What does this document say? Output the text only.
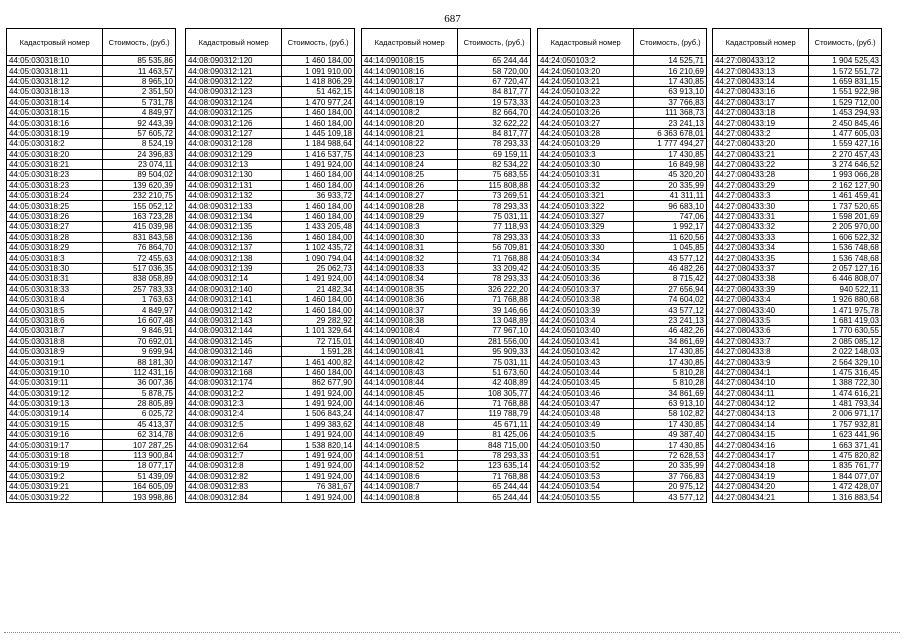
687
Кадастровый номер	Стоимость, (руб.)
44:05:030318:10	85 535,86
44:05:030318:11	11 463,57
44:05:030318:12	8 965,10
44:05:030318:13	2 351,50
44:05:030318:14	5 731,78
44:05:030318:15	4 849,97
44:05:030318:16	92 443,39
44:05:030318:19	57 605,72
44:05:030318:2	8 524,19
44:05:030318:20	24 396,83
44:05:030318:21	23 074,11
44:05:030318:23	89 504,02
44:05:030318:23	139 620,39
44:05:030318:24	232 210,75
44:05:030318:25	155 052,12
44:05:030318:26	163 723,28
44:05:030318:27	415 039,98
44:05:030318:28	831 843,58
44:05:030318:29	76 864,70
44:05:030318:3	72 455,63
44:05:030318:30	517 036,35
44:05:030318:31	838 058,89
44:05:030318:33	257 783,33
44:05:030318:4	1 763,63
44:05:030318:5	4 849,97
44:05:030318:6	16 607,48
44:05:030318:7	9 846,91
44:05:030318:8	70 692,01
44:05:030318:9	9 699,94
44:05:030319:1	88 181,30
44:05:030319:10	112 431,16
44:05:030319:11	36 007,36
44:05:030319:12	5 878,75
44:05:030319:13	28 805,89
44:05:030319:14	6 025,72
44:05:030319:15	45 413,37
44:05:030319:16	62 314,78
44:05:030319:17	107 287,25
44:05:030319:18	113 900,84
44:05:030319:19	18 077,17
44:05:030319:2	51 439,09
44:05:030319:21	164 605,09
44:05:030319:22	193 998,86
Кадастровый номер	Стоимость, (руб.)
44:08:090312:120	1 460 184,00
44:08:090312:121	1 091 910,00
44:08:090312:122	1 418 806,29
44:08:090312:123	51 462,15
44:08:090312:124	1 470 977,24
44:08:090312:125	1 460 184,00
44:08:090312:126	1 460 184,00
44:08:090312:127	1 445 109,18
44:08:090312:128	1 184 988,64
44:08:090312:129	1 416 537,75
44:08:090312:13	1 491 924,00
44:08:090312:130	1 460 184,00
44:08:090312:131	1 460 184,00
44:08:090312:132	36 933,72
44:08:090312:133	1 460 184,00
44:08:090312:134	1 460 184,00
44:08:090312:135	1 433 205,48
44:08:090312:136	1 460 184,00
44:08:090312:137	1 102 435,72
44:08:090312:138	1 090 794,04
44:08:090312:139	25 062,73
44:08:090312:14	1 491 924,00
44:08:090312:140	21 482,34
44:08:090312:141	1 460 184,00
44:08:090312:142	1 460 184,00
44:08:090312:143	29 282,92
44:08:090312:144	1 101 329,64
44:08:090312:145	72 715,01
44:08:090312:146	1 591,28
44:08:090312:147	1 461 400,82
44:08:090312:168	1 460 184,00
44:08:090312:174	862 677,90
44:08:090312:2	1 491 924,00
44:08:090312:3	1 491 924,00
44:08:090312:4	1 506 843,24
44:08:090312:5	1 499 383,62
44:08:090312:6	1 491 924,00
44:08:090312:64	1 538 820,14
44:08:090312:7	1 491 924,00
44:08:090312:8	1 491 924,00
44:08:090312:82	1 491 924,00
44:08:090312:83	76 381,67
44:08:090312:84	1 491 924,00
Кадастровый номер	Стоимость, (руб.)
44:14:090108:15	65 244,44
44:14:090108:16	58 720,00
44:14:090108:17	67 720,47
44:14:090108:18	84 817,77
44:14:090108:19	19 573,33
44:14:090108:2	82 664,70
44:14:090108:20	32 622,22
44:14:090108:21	84 817,77
44:14:090108:22	78 293,33
44:14:090108:23	69 159,11
44:14:090108:24	82 534,22
44:14:090108:25	75 683,55
44:14:090108:26	115 808,88
44:14:090108:27	73 269,51
44:14:090108:28	78 293,33
44:14:090108:29	75 031,11
44:14:090108:3	77 118,93
44:14:090108:30	78 293,33
44:14:090108:31	56 709,81
44:14:090108:32	71 768,88
44:14:090108:33	33 209,42
44:14:090108:34	78 293,33
44:14:090108:35	326 222,20
44:14:090108:36	71 768,88
44:14:090108:37	39 146,66
44:14:090108:38	13 048,89
44:14:090108:4	77 967,10
44:14:090108:40	281 556,00
44:14:090108:41	95 909,33
44:14:090108:42	75 031,11
44:14:090108:43	51 673,60
44:14:090108:44	42 408,89
44:14:090108:45	108 305,77
44:14:090108:46	71 768,88
44:14:090108:47	119 788,79
44:14:090108:48	45 671,11
44:14:090108:49	81 425,06
44:14:090108:5	848 715,00
44:14:090108:51	78 293,33
44:14:090108:52	123 635,14
44:14:090108:6	71 768,88
44:14:090108:7	65 244,44
44:14:090108:8	65 244,44
Кадастровый номер	Стоимость, (руб.)
44:24:050103:2	14 525,71
44:24:050103:20	16 210,69
44:24:050103:21	17 430,85
44:24:050103:22	63 913,10
44:24:050103:23	37 766,83
44:24:050103:26	111 368,73
44:24:050103:27	23 241,13
44:24:050103:28	6 363 678,01
44:24:050103:29	1 777 494,27
44:24:050103:3	17 430,85
44:24:050103:30	16 849,98
44:24:050103:31	45 320,20
44:24:050103:32	20 335,99
44:24:050103:321	41 311,11
44:24:050103:322	96 683,10
44:24:050103:327	747,06
44:24:050103:329	1 992,17
44:24:050103:33	11 620,56
44:24:050103:330	1 045,85
44:24:050103:34	43 577,12
44:24:050103:35	46 482,26
44:24:050103:36	8 715,42
44:24:050103:37	27 656,94
44:24:050103:38	74 604,02
44:24:050103:39	43 577,12
44:24:050103:4	23 241,13
44:24:050103:40	46 482,26
44:24:050103:41	34 861,69
44:24:050103:42	17 430,85
44:24:050103:43	17 430,85
44:24:050103:44	5 810,28
44:24:050103:45	5 810,28
44:24:050103:46	34 861,69
44:24:050103:47	63 913,10
44:24:050103:48	58 102,82
44:24:050103:49	17 430,85
44:24:050103:5	49 387,40
44:24:050103:50	17 430,85
44:24:050103:51	72 628,53
44:24:050103:52	20 335,99
44:24:050103:53	37 766,83
44:24:050103:54	20 975,12
44:24:050103:55	43 577,12
Кадастровый номер	Стоимость, (руб.)
44:27:080433:12	1 904 525,43
44:27:080433:13	1 572 551,72
44:27:080433:14	1 659 831,15
44:27:080433:16	1 551 922,98
44:27:080433:17	1 529 712,00
44:27:080433:18	1 453 294,93
44:27:080433:19	2 450 845,46
44:27:080433:2	1 477 605,03
44:27:080433:20	1 559 427,16
44:27:080433:21	2 270 457,43
44:27:080433:22	3 274 646,52
44:27:080433:28	1 993 066,28
44:27:080433:29	2 162 127,90
44:27:080433:3	1 461 459,41
44:27:080433:30	1 737 520,65
44:27:080433:31	1 598 201,69
44:27:080433:32	2 205 970,00
44:27:080433:33	1 606 522,32
44:27:080433:34	1 536 748,68
44:27:080433:35	1 536 748,68
44:27:080433:37	2 057 127,16
44:27:080433:38	6 446 808,07
44:27:080433:39	940 522,11
44:27:080433:4	1 926 880,68
44:27:080433:40	1 471 975,78
44:27:080433:5	1 681 419,03
44:27:080433:6	1 770 630,55
44:27:080433:7	2 085 085,12
44:27:080433:8	2 022 148,03
44:27:080433:9	2 564 329,10
44:27:080434:1	1 475 316,45
44:27:080434:10	1 388 722,30
44:27:080434:11	1 474 616,21
44:27:080434:12	1 481 793,34
44:27:080434:13	2 006 971,17
44:27:080434:14	1 757 932,81
44:27:080434:15	1 623 441,96
44:27:080434:16	1 663 371,41
44:27:080434:17	1 475 820,82
44:27:080434:18	1 835 761,77
44:27:080434:19	1 844 077,07
44:27:080434:20	1 472 428,07
44:27:080434:21	1 316 883,54
